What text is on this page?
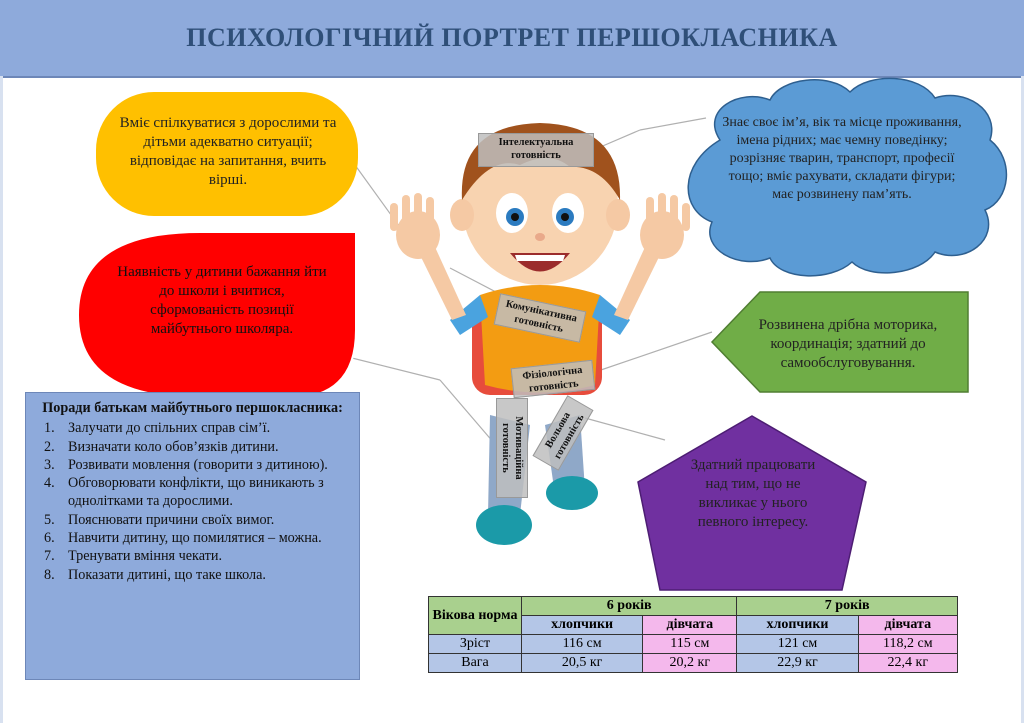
ПСИХОЛОГІЧНИЙ ПОРТРЕТ ПЕРШОКЛАСНИКА
Вміє спілкуватися з дорослими та дітьми адекватно ситуації; відповідає на запитання, вчить вірші.
Наявність у дитини бажання йти до школи і вчитися, сформованість позиції майбутнього школяра.
Знає своє ім’я, вік та місце проживання, імена рідних; має чемну поведінку; розрізняє тварин, транспорт, професії тощо; вміє рахувати, складати фігури; має розвинену пам’ять.
Розвинена дрібна моторика, координація; здатний до самообслуговування.
Здатний працювати над тим, що не викликає у нього певного інтересу.
Інтелектуальна готовність
Комунікативна готовність
Фізіологічна готовність
Мотиваційна готовність	Вольова готовність
Поради батькам майбутнього першокласника:
1. Залучати до спільних справ сім’ї.
2. Визначати коло обов’язків дитини.
3. Розвивати мовлення (говорити з дитиною).
4. Обговорювати конфлікти, що виникають з однолітками та дорослими.
5. Пояснювати причини своїх вимог.
6. Навчити дитину, що помилятися – можна.
7. Тренувати вміння чекати.
8. Показати дитині, що таке школа.
Вікова норма	6 років		7 років	
	хлопчики	дівчата	хлопчики	дівчата
Зріст	116 см	115 см	121 см	118,2 см
Вага	20,5 кг	20,2 кг	22,9 кг	22,4 кг
